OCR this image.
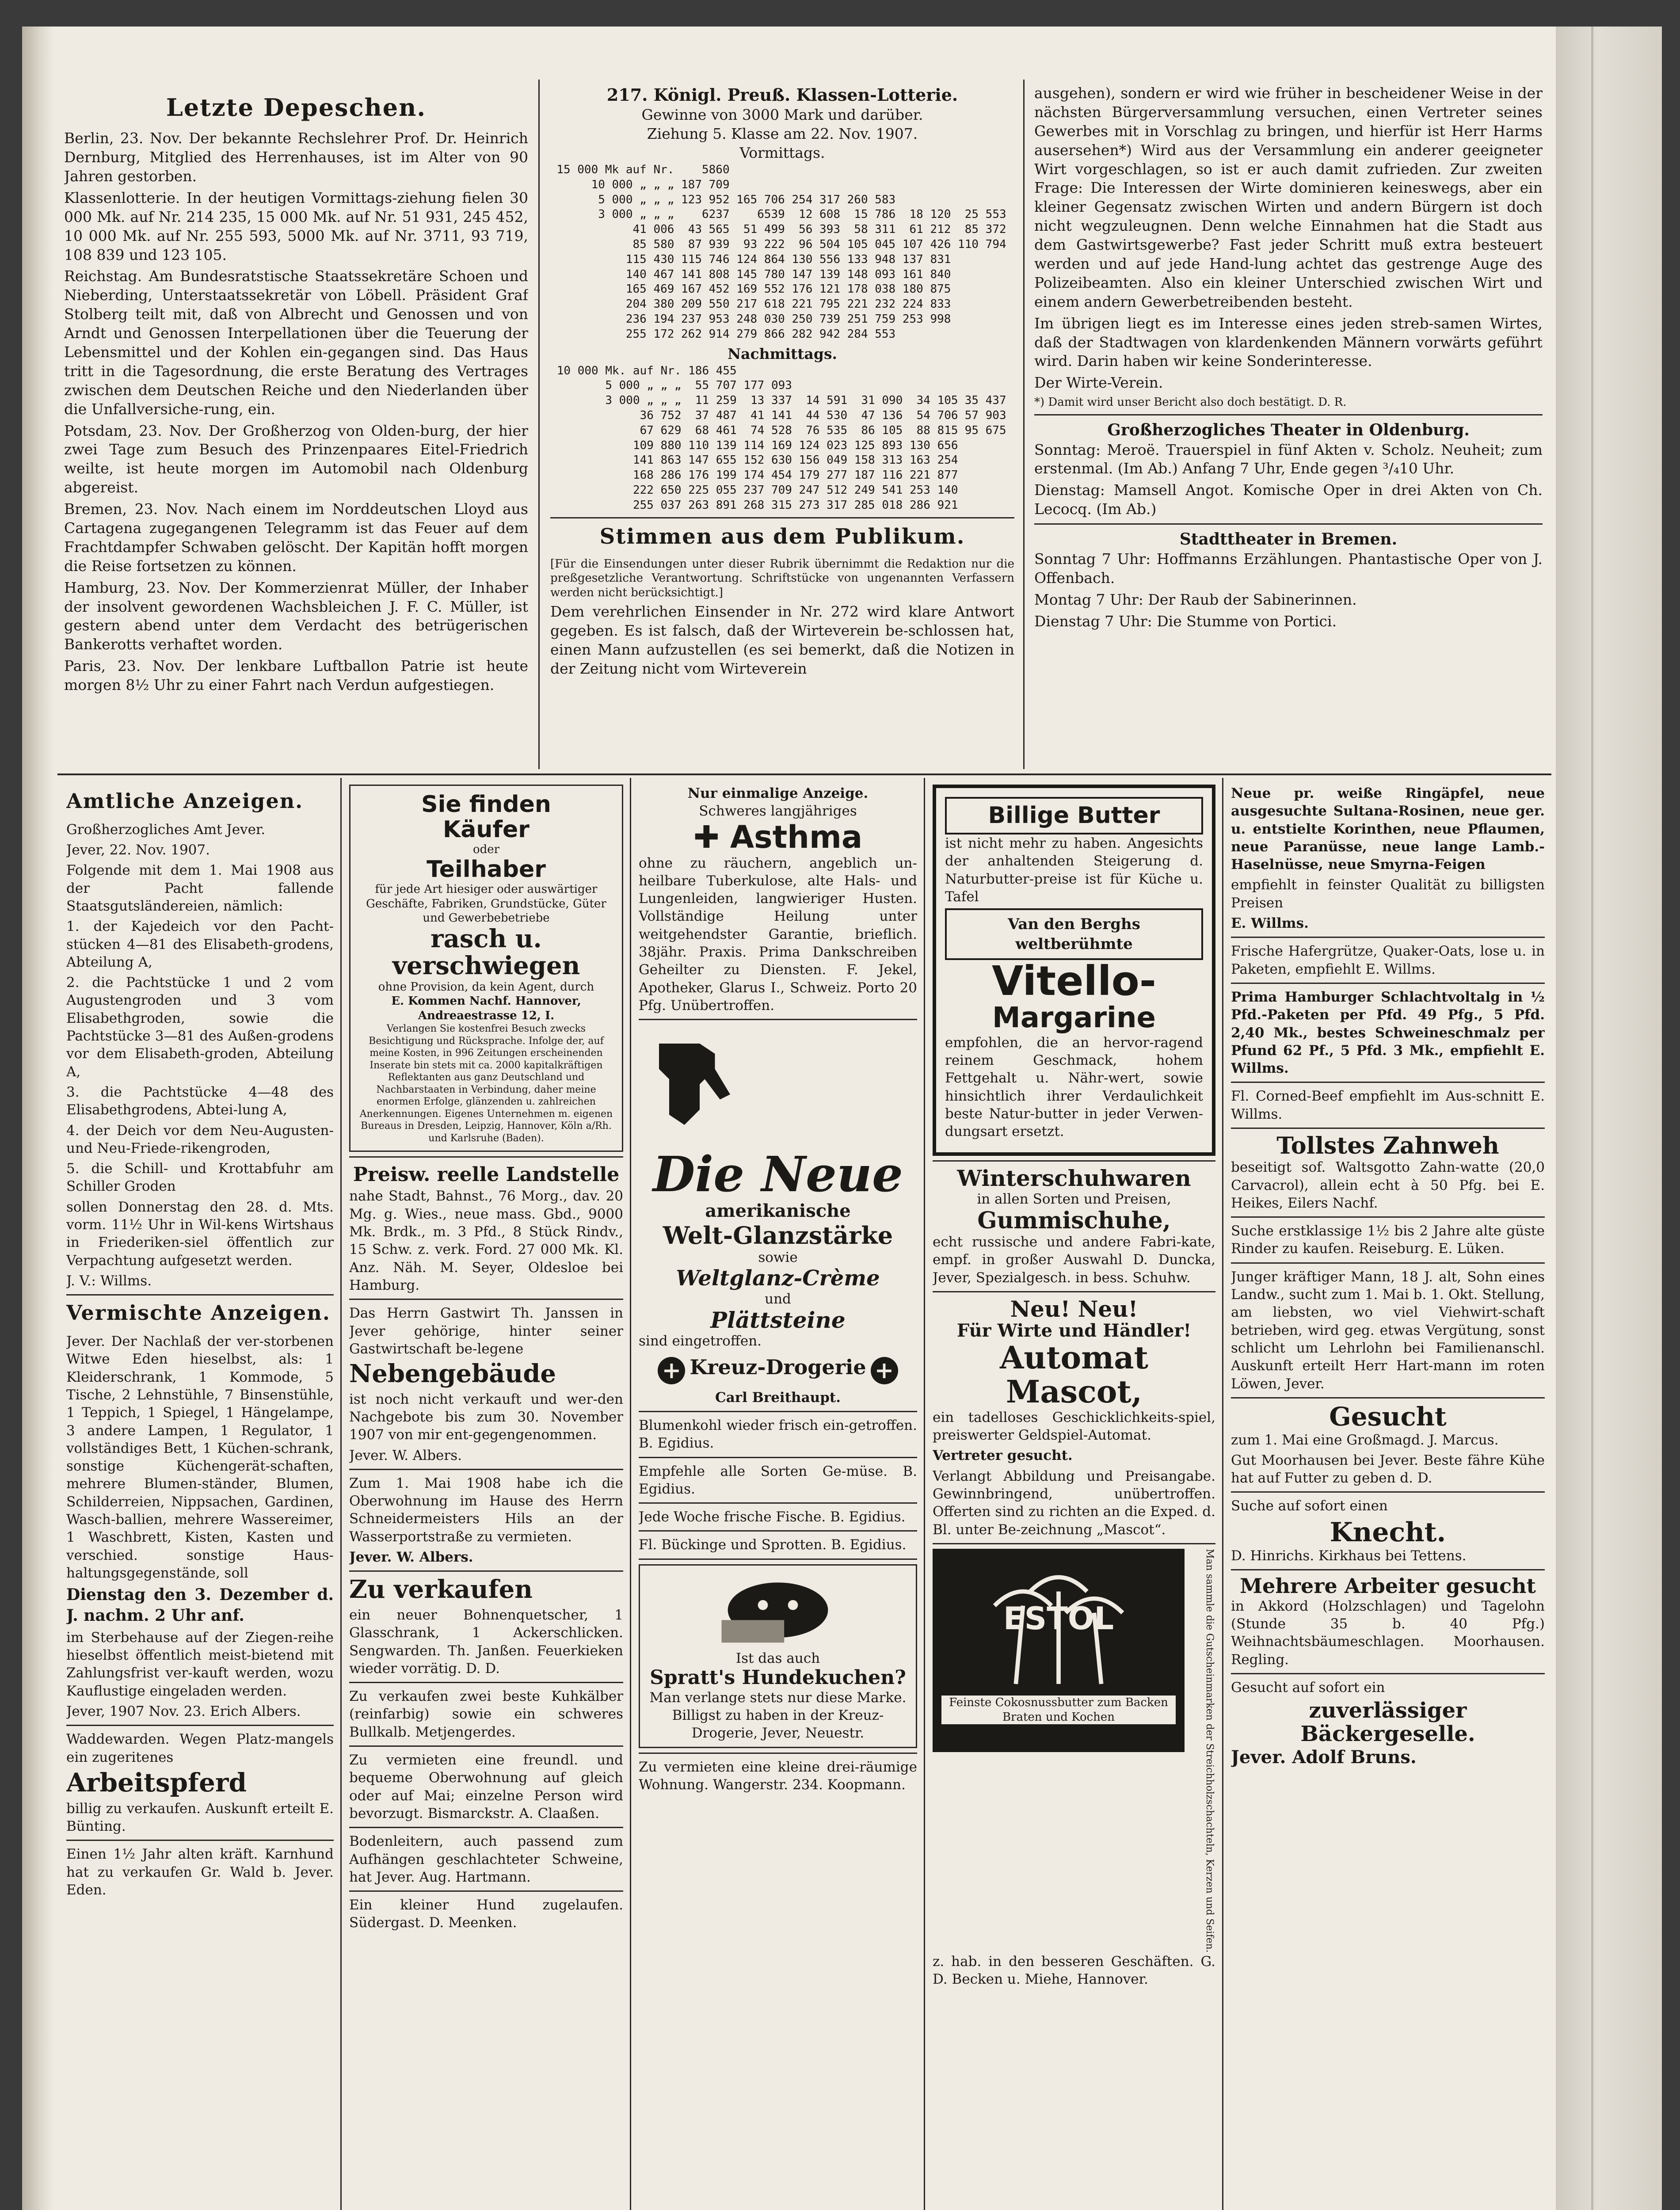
Letzte Depeschen.

Berlin, 23. Nov. Der bekannte Rechslehrer Prof. Dr. Heinrich Dernburg, Mitglied des Herrenhauses, ist im Alter von 90 Jahren gestorben.

Klassenlotterie. In der heutigen Vormittags-ziehung fielen 30 000 Mk. auf Nr. 214 235, 15 000 Mk. auf Nr. 51 931, 245 452, 10 000 Mk. auf Nr. 255 593, 5000 Mk. auf Nr. 3711, 93 719, 108 839 und 123 105.

Reichstag. Am Bundesratstische Staatssekretäre Schoen und Nieberding, Unterstaatssekretär von Löbell. Präsident Graf Stolberg teilt mit, daß von Albrecht und Genossen und von Arndt und Genossen Interpellationen über die Teuerung der Lebensmittel und der Kohlen ein-gegangen sind. Das Haus tritt in die Tagesordnung, die erste Beratung des Vertrages zwischen dem Deutschen Reiche und den Niederlanden über die Unfallversiche-rung, ein.

Potsdam, 23. Nov. Der Großherzog von Olden-burg, der hier zwei Tage zum Besuch des Prinzenpaares Eitel-Friedrich weilte, ist heute morgen im Automobil nach Oldenburg abgereist.

Bremen, 23. Nov. Nach einem im Norddeutschen Lloyd aus Cartagena zugegangenen Telegramm ist das Feuer auf dem Frachtdampfer Schwaben gelöscht. Der Kapitän hofft morgen die Reise fortsetzen zu können.

Hamburg, 23. Nov. Der Kommerzienrat Müller, der Inhaber der insolvent gewordenen Wachsbleichen J. F. C. Müller, ist gestern abend unter dem Verdacht des betrügerischen Bankerotts verhaftet worden.

Paris, 23. Nov. Der lenkbare Luftballon Patrie ist heute morgen 8½ Uhr zu einer Fahrt nach Verdun aufgestiegen.

217. Königl. Preuß. Klassen-Lotterie.
Gewinne von 3000 Mark und darüber.
Ziehung 5. Klasse am 22. Nov. 1907.
Vormittags.
15 000 Mk auf Nr.	5860						
10 000 „ „ „	187 709						
5 000 „ „ „	123 952	165 706	254 317	260 583			
3 000 „ „ „	6237	6539	12 608	15 786	18 120	25 553	
41 006	43 565	51 499	56 393	58 311	61 212	85 372	
85 580	87 939	93 222	96 504	105 045	107 426	110 794	
115 430	115 746	124 864	130 556	133 948	137 831		
140 467	141 808	145 780	147 139	148 093	161 840		
165 469	167 452	169 552	176 121	178 038	180 875		
204 380	209 550	217 618	221 795	221 232	224 833		
236 194	237 953	248 030	250 739	251 759	253 998		
255 172	262 914	279 866	282 942	284 553			
Nachmittags.
10 000 Mk. auf Nr.	186 455						
5 000 „ „ „	55 707	177 093					
3 000 „ „ „	11 259	13 337	14 591	31 090	34 105	35 437	
36 752	37 487	41 141	44 530	47 136	54 706	57 903	
67 629	68 461	74 528	76 535	86 105	88 815	95 675	
109 880	110 139	114 169	124 023	125 893	130 656		
141 863	147 655	152 630	156 049	158 313	163 254		
168 286	176 199	174 454	179 277	187 116	221 877		
222 650	225 055	237 709	247 512	249 541	253 140		
255 037	263 891	268 315	273 317	285 018	286 921		
Stimmen aus dem Publikum.

[Für die Einsendungen unter dieser Rubrik übernimmt die Redaktion nur die preßgesetzliche Verantwortung. Schriftstücke von ungenannten Verfassern werden nicht berücksichtigt.]

Dem verehrlichen Einsender in Nr. 272 wird klare Antwort gegeben. Es ist falsch, daß der Wirteverein be-schlossen hat, einen Mann aufzustellen (es sei bemerkt, daß die Notizen in der Zeitung nicht vom Wirteverein

ausgehen), sondern er wird wie früher in bescheidener Weise in der nächsten Bürgerversammlung versuchen, einen Vertreter seines Gewerbes mit in Vorschlag zu bringen, und hierfür ist Herr Harms ausersehen*) Wird aus der Versammlung ein anderer geeigneter Wirt vorgeschlagen, so ist er auch damit zufrieden. Zur zweiten Frage: Die Interessen der Wirte dominieren keineswegs, aber ein kleiner Gegensatz zwischen Wirten und andern Bürgern ist doch nicht wegzuleugnen. Denn welche Einnahmen hat die Stadt aus dem Gastwirtsgewerbe? Fast jeder Schritt muß extra besteuert werden und auf jede Hand-lung achtet das gestrenge Auge des Polizeibeamten. Also ein kleiner Unterschied zwischen Wirt und einem andern Gewerbetreibenden besteht.

Im übrigen liegt es im Interesse eines jeden streb-samen Wirtes, daß der Stadtwagen von klardenkenden Männern vorwärts geführt wird. Darin haben wir keine Sonderinteresse.

Der Wirte-Verein.

*) Damit wird unser Bericht also doch bestätigt. D. R.

Großherzogliches Theater in Oldenburg.

Sonntag: Meroë. Trauerspiel in fünf Akten v. Scholz. Neuheit; zum erstenmal. (Im Ab.) Anfang 7 Uhr, Ende gegen ³/₄10 Uhr.

Dienstag: Mamsell Angot. Komische Oper in drei Akten von Ch. Lecocq. (Im Ab.)

Stadttheater in Bremen.

Sonntag 7 Uhr: Hoffmanns Erzählungen. Phantastische Oper von J. Offenbach.

Montag 7 Uhr: Der Raub der Sabinerinnen.

Dienstag 7 Uhr: Die Stumme von Portici.

Amtliche Anzeigen.

Großherzogliches Amt Jever.

Jever, 22. Nov. 1907.

Folgende mit dem 1. Mai 1908 aus der Pacht fallende Staatsgutsländereien, nämlich:

1. der Kajedeich vor den Pacht-stücken 4—81 des Elisabeth-grodens, Abteilung A,

2. die Pachtstücke 1 und 2 vom Augustengroden und 3 vom Elisabethgroden, sowie die Pachtstücke 3—81 des Außen-grodens vor dem Elisabeth-groden, Abteilung A,

3. die Pachtstücke 4—48 des Elisabethgrodens, Abtei-lung A,

4. der Deich vor dem Neu-Augusten- und Neu-Friede-rikengroden,

5. die Schill- und Krottabfuhr am Schiller Groden

sollen Donnerstag den 28. d. Mts. vorm. 11½ Uhr in Wil-kens Wirtshaus in Friederiken-siel öffentlich zur Verpachtung aufgesetzt werden.

J. V.: Willms.

Vermischte Anzeigen.

Jever. Der Nachlaß der ver-storbenen Witwe Eden hieselbst, als: 1 Kleiderschrank, 1 Kommode, 5 Tische, 2 Lehnstühle, 7 Binsenstühle, 1 Teppich, 1 Spiegel, 1 Hängelampe, 3 andere Lampen, 1 Regulator, 1 vollständiges Bett, 1 Küchen-schrank, sonstige Küchengerät-schaften, mehrere Blumen-ständer, Blumen, Schilderreien, Nippsachen, Gardinen, Wasch-ballien, mehrere Wassereimer, 1 Waschbrett, Kisten, Kasten und verschied. sonstige Haus-haltungsgegenstände, soll

Dienstag den 3. Dezember d. J. nachm. 2 Uhr anf.

im Sterbehause auf der Ziegen-reihe hieselbst öffentlich meist-bietend mit Zahlungsfrist ver-kauft werden, wozu Kauflustige eingeladen werden.

Jever, 1907 Nov. 23. Erich Albers.

Waddewarden. Wegen Platz-mangels ein zugeritenes

Arbeitspferd

billig zu verkaufen. Auskunft erteilt E. Bünting.

Einen 1½ Jahr alten kräft. Karnhund hat zu verkaufen Gr. Wald b. Jever. Eden.

Sie finden
Käufer
oder
Teilhaber
für jede Art hiesiger oder auswärtiger Geschäfte, Fabriken, Grundstücke, Güter und Gewerbebetriebe
rasch u. verschwiegen
ohne Provision, da kein Agent, durch
E. Kommen Nachf. Hannover, Andreaestrasse 12, I.
Verlangen Sie kostenfrei Besuch zwecks Besichtigung und Rücksprache. Infolge der, auf meine Kosten, in 996 Zeitungen erscheinenden Inserate bin stets mit ca. 2000 kapitalkräftigen Reflektanten aus ganz Deutschland und Nachbarstaaten in Verbindung, daher meine enormen Erfolge, glänzenden u. zahlreichen Anerkennungen. Eigenes Unternehmen m. eigenen Bureaus in Dresden, Leipzig, Hannover, Köln a/Rh. und Karlsruhe (Baden).
Preisw. reelle Landstelle

nahe Stadt, Bahnst., 76 Morg., dav. 20 Mg. g. Wies., neue mass. Gbd., 9000 Mk. Brdk., m. 3 Pfd., 8 Stück Rindv., 15 Schw. z. verk. Ford. 27 000 Mk. Kl. Anz. Näh. M. Seyer, Oldesloe bei Hamburg.

Das Herrn Gastwirt Th. Janssen in Jever gehörige, hinter seiner Gastwirtschaft be-legene

Nebengebäude

ist noch nicht verkauft und wer-den Nachgebote bis zum 30. November 1907 von mir ent-gegengenommen.

Jever. W. Albers.

Zum 1. Mai 1908 habe ich die Oberwohnung im Hause des Herrn Schneidermeisters Hils an der Wasserportstraße zu vermieten.

Jever. W. Albers.

Zu verkaufen

ein neuer Bohnenquetscher, 1 Glasschrank, 1 Ackerschlicken. Sengwarden. Th. Janßen. Feuerkieken wieder vorrätig. D. D.

Zu verkaufen zwei beste Kuhkälber (reinfarbig) sowie ein schweres Bullkalb. Metjengerdes.

Zu vermieten eine freundl. und bequeme Oberwohnung auf gleich oder auf Mai; einzelne Person wird bevorzugt. Bismarckstr. A. Claaßen.

Bodenleitern, auch passend zum Aufhängen geschlachteter Schweine, hat Jever. Aug. Hartmann.

Ein kleiner Hund zugelaufen. Südergast. D. Meenken.

Nur einmalige Anzeige.
Schweres langjähriges
✚ Asthma

ohne zu räuchern, angeblich un-heilbare Tuberkulose, alte Hals- und Lungenleiden, langwieriger Husten. Vollständige Heilung unter weitgehendster Garantie, brieflich. 38jähr. Praxis. Prima Dankschreiben Geheilter zu Diensten. F. Jekel, Apotheker, Glarus I., Schweiz. Porto 20 Pfg. Unübertroffen.

Die Neue
amerikanische
Welt-Glanzstärke
sowie
Weltglanz-Crème
und
Plättsteine
sind eingetroffen.
+ Kreuz-Drogerie +
Carl Breithaupt.

Blumenkohl wieder frisch ein-getroffen. B. Egidius.

Empfehle alle Sorten Ge-müse. B. Egidius.

Jede Woche frische Fische. B. Egidius.

Fl. Bückinge und Sprotten. B. Egidius.

Ist das auch
Spratt's Hundekuchen?
Man verlange stets nur diese Marke. Billigst zu haben in der Kreuz-Drogerie, Jever, Neuestr.

Zu vermieten eine kleine drei-räumige Wohnung. Wangerstr. 234. Koopmann.

Billige Butter

ist nicht mehr zu haben. Angesichts der anhaltenden Steigerung d. Naturbutter-preise ist für Küche u. Tafel

Van den Berghs weltberühmte
Vitello-
Margarine

empfohlen, die an hervor-ragend reinem Geschmack, hohem Fettgehalt u. Nähr-wert, sowie hinsichtlich ihrer Verdaulichkeit beste Natur-butter in jeder Verwen-dungsart ersetzt.

Winterschuhwaren
in allen Sorten und Preisen,
Gummischuhe,

echt russische und andere Fabri-kate, empf. in großer Auswahl D. Duncka, Jever, Spezialgesch. in bess. Schuhw.

Neu! Neu!
Für Wirte und Händler!
Automat Mascot,

ein tadelloses Geschicklichkeits-spiel, preiswerter Geldspiel-Automat.

Vertreter gesucht.

Verlangt Abbildung und Preisangabe. Gewinnbringend, unübertroffen. Offerten sind zu richten an die Exped. d. Bl. unter Be-zeichnung „Mascot“.

ESTOL
Feinste Cokosnussbutter zum Backen Braten und Kochen	Man sammle die Gutscheinmarken der Streichholzschachteln, Kerzen und Seifen.

z. hab. in den besseren Geschäften. G. D. Becken u. Miehe, Hannover.

Neue pr. weiße Ringäpfel, neue ausgesuchte Sultana-Rosinen, neue ger. u. entstielte Korinthen, neue Pflaumen, neue Paranüsse, neue lange Lamb.-Haselnüsse, neue Smyrna-Feigen

empfiehlt in feinster Qualität zu billigsten Preisen

E. Willms.

Frische Hafergrütze, Quaker-Oats, lose u. in Paketen, empfiehlt E. Willms.

Prima Hamburger Schlachtvoltalg in ½ Pfd.-Paketen per Pfd. 49 Pfg., 5 Pfd. 2,40 Mk., bestes Schweineschmalz per Pfund 62 Pf., 5 Pfd. 3 Mk., empfiehlt E. Willms.

Fl. Corned-Beef empfiehlt im Aus-schnitt E. Willms.

Tollstes Zahnweh

beseitigt sof. Waltsgotto Zahn-watte (20,0 Carvacrol), allein echt à 50 Pfg. bei E. Heikes, Eilers Nachf.

Suche erstklassige 1½ bis 2 Jahre alte güste Rinder zu kaufen. Reiseburg. E. Lüken.

Junger kräftiger Mann, 18 J. alt, Sohn eines Landw., sucht zum 1. Mai b. 1. Okt. Stellung, am liebsten, wo viel Viehwirt-schaft betrieben, wird geg. etwas Vergütung, sonst schlicht um Lehrlohn bei Familienanschl. Auskunft erteilt Herr Hart-mann im roten Löwen, Jever.

Gesucht

zum 1. Mai eine Großmagd. J. Marcus.

Gut Moorhausen bei Jever. Beste fähre Kühe hat auf Futter zu geben d. D.

Suche auf sofort einen

Knecht.

D. Hinrichs. Kirkhaus bei Tettens.

Mehrere Arbeiter gesucht

in Akkord (Holzschlagen) und Tagelohn (Stunde 35 b. 40 Pfg.) Weihnachtsbäumeschlagen. Moorhausen. Regling.

Gesucht auf sofort ein

zuverlässiger Bäckergeselle.

Jever. Adolf Bruns.
